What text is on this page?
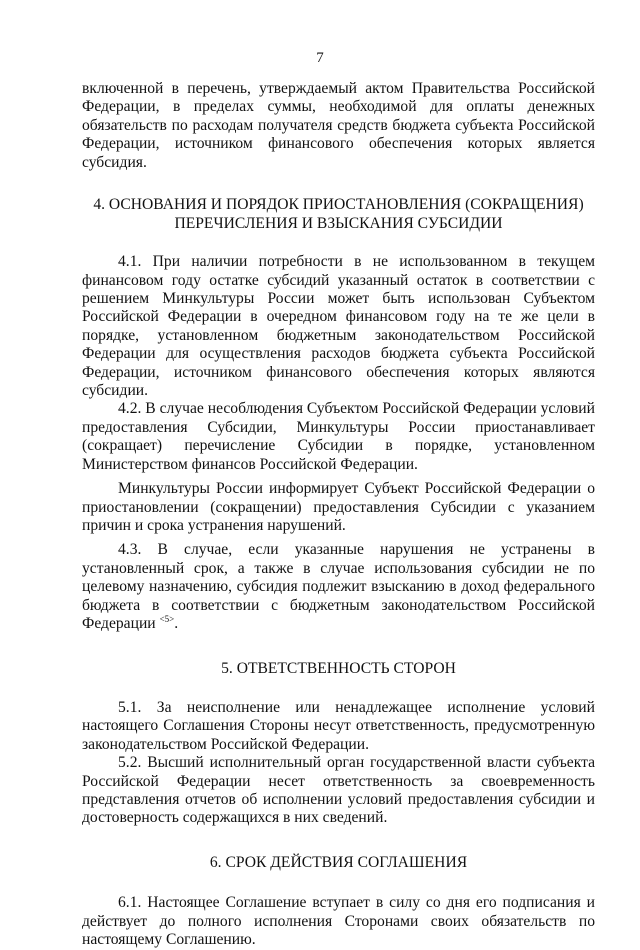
7

включенной в перечень, утверждаемый актом Правительства Российской Федерации, в пределах суммы, необходимой для оплаты денежных обязательств по расходам получателя средств бюджета субъекта Российской Федерации, источником финансового обеспечения которых является субсидия.

4. ОСНОВАНИЯ И ПОРЯДОК ПРИОСТАНОВЛЕНИЯ (СОКРАЩЕНИЯ)
ПЕРЕЧИСЛЕНИЯ И ВЗЫСКАНИЯ СУБСИДИИ

4.1. При наличии потребности в не использованном в текущем финансовом году остатке субсидий указанный остаток в соответствии с решением Минкультуры России может быть использован Субъектом Российской Федерации в очередном финансовом году на те же цели в порядке, установленном бюджетным законодательством Российской Федерации для осуществления расходов бюджета субъекта Российской Федерации, источником финансового обеспечения которых являются субсидии.

4.2. В случае несоблюдения Субъектом Российской Федерации условий предоставления Субсидии, Минкультуры России приостанавливает (сокращает) перечисление Субсидии в порядке, установленном Министерством финансов Российской Федерации.

Минкультуры России информирует Субъект Российской Федерации о приостановлении (сокращении) предоставления Субсидии с указанием причин и срока устранения нарушений.

4.3. В случае, если указанные нарушения не устранены в установленный срок, а также в случае использования субсидии не по целевому назначению, субсидия подлежит взысканию в доход федерального бюджета в соответствии с бюджетным законодательством Российской Федерации $^{<5>}$.

5. ОТВЕТСТВЕННОСТЬ СТОРОН

5.1. За неисполнение или ненадлежащее исполнение условий настоящего Соглашения Стороны несут ответственность, предусмотренную законодательством Российской Федерации.

5.2. Высший исполнительный орган государственной власти субъекта Российской Федерации несет ответственность за своевременность представления отчетов об исполнении условий предоставления субсидии и достоверность содержащихся в них сведений.

6. СРОК ДЕЙСТВИЯ СОГЛАШЕНИЯ

6.1. Настоящее Соглашение вступает в силу со дня его подписания и действует до полного исполнения Сторонами своих обязательств по настоящему Соглашению.
